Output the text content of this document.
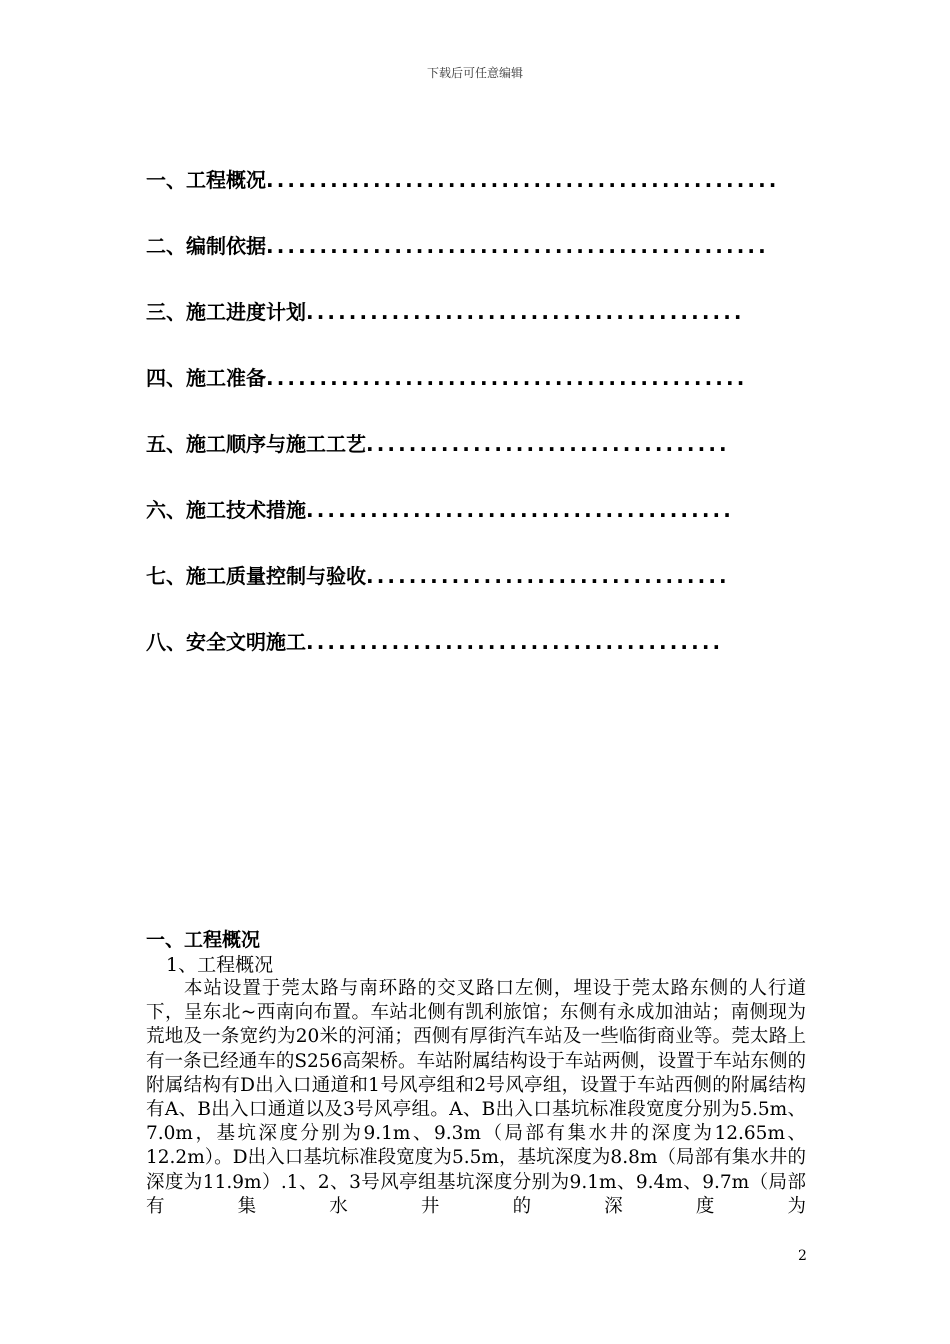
下载后可任意编辑
一、工程概况................................................
二、编制依据...............................................
三、施工进度计划.........................................
四、施工准备.............................................
五、施工顺序与施工工艺..................................
六、施工技术措施........................................
七、施工质量控制与验收..................................
八、安全文明施工.......................................
一、工程概况
1、工程概况

本站设置于莞太路与南环路的交叉路口左侧，埋设于莞太路东侧的人行道下，呈东北~西南向布置。车站北侧有凯利旅馆；东侧有永成加油站；南侧现为荒地及一条宽约为20米的河涌；西侧有厚街汽车站及一些临街商业等。莞太路上有一条已经通车的S256高架桥。车站附属结构设于车站两侧，设置于车站东侧的附属结构有D出入口通道和1号风亭组和2号风亭组，设置于车站西侧的附属结构有A、B出入口通道以及3号风亭组。A、B出入口基坑标准段宽度分别为5.5m、7.0m，基坑深度分别为9.1m、9.3m（局部有集水井的深度为12.65m、12.2m）。D出入口基坑标准段宽度为5.5m，基坑深度为8.8m（局部有集水井的深度为11.9m）.1、2、3号风亭组基坑深度分别为9.1m、9.4m、9.7m（局部有集水井的深度为

2
